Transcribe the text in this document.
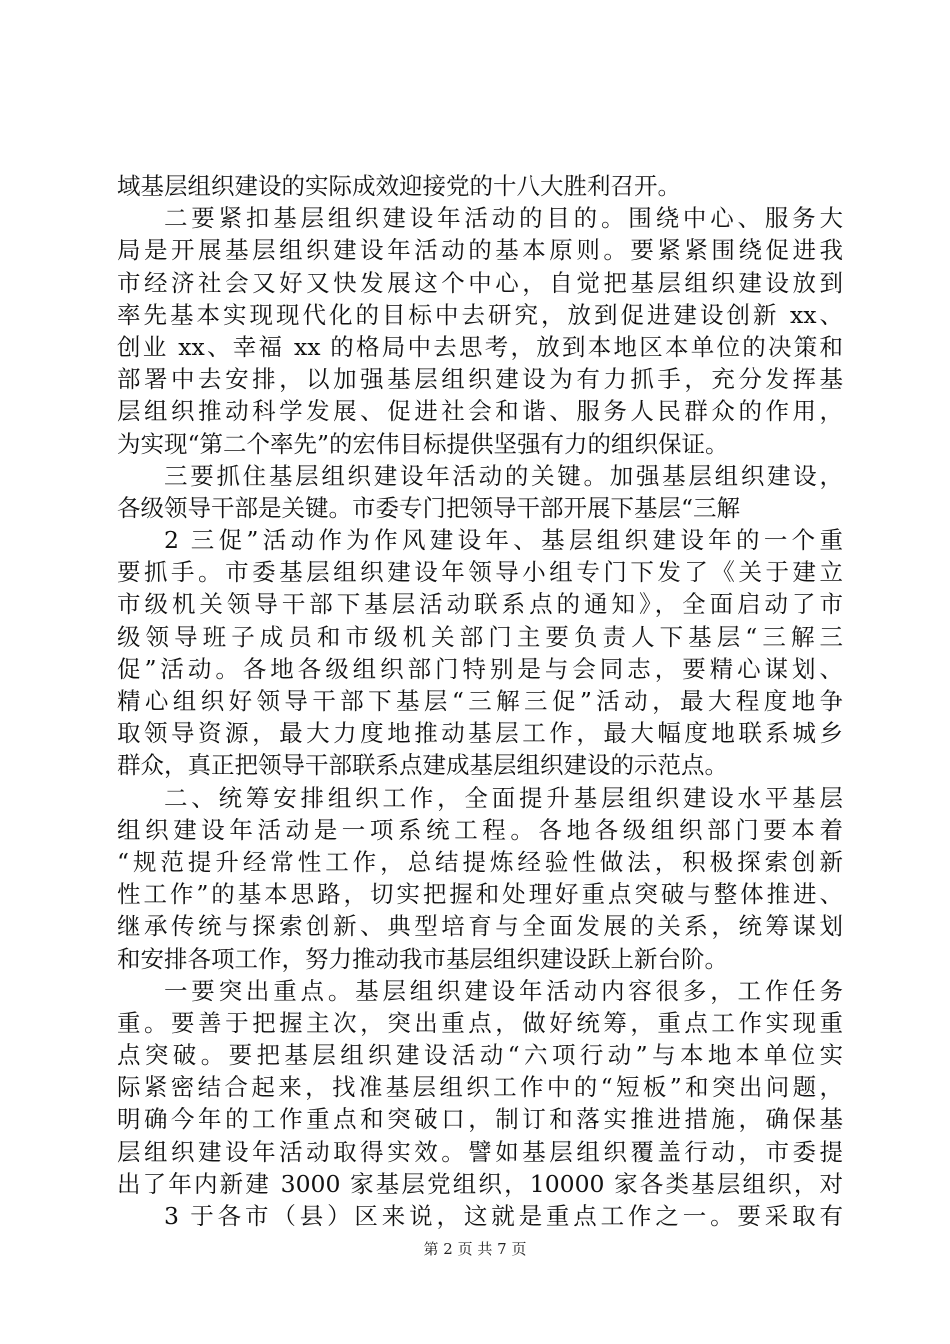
域基层组织建设的实际成效迎接党的十八大胜利召开。
二要紧扣基层组织建设年活动的目的。围绕中心、服务大
局是开展基层组织建设年活动的基本原则。要紧紧围绕促进我
市经济社会又好又快发展这个中心，自觉把基层组织建设放到
率先基本实现现代化的目标中去研究，放到促进建设创新 xx、
创业 xx、幸福 xx 的格局中去思考，放到本地区本单位的决策和
部署中去安排，以加强基层组织建设为有力抓手，充分发挥基
层组织推动科学发展、促进社会和谐、服务人民群众的作用，
为实现“第二个率先”的宏伟目标提供坚强有力的组织保证。
三要抓住基层组织建设年活动的关键。加强基层组织建设，
各级领导干部是关键。市委专门把领导干部开展下基层“三解
2 三促”活动作为作风建设年、基层组织建设年的一个重
要抓手。市委基层组织建设年领导小组专门下发了《关于建立
市级机关领导干部下基层活动联系点的通知》，全面启动了市
级领导班子成员和市级机关部门主要负责人下基层“三解三
促”活动。各地各级组织部门特别是与会同志，要精心谋划、
精心组织好领导干部下基层“三解三促”活动，最大程度地争
取领导资源，最大力度地推动基层工作，最大幅度地联系城乡
群众，真正把领导干部联系点建成基层组织建设的示范点。
二、统筹安排组织工作，全面提升基层组织建设水平基层
组织建设年活动是一项系统工程。各地各级组织部门要本着
“规范提升经常性工作，总结提炼经验性做法，积极探索创新
性工作”的基本思路，切实把握和处理好重点突破与整体推进、
继承传统与探索创新、典型培育与全面发展的关系，统筹谋划
和安排各项工作，努力推动我市基层组织建设跃上新台阶。
一要突出重点。基层组织建设年活动内容很多，工作任务
重。要善于把握主次，突出重点，做好统筹，重点工作实现重
点突破。要把基层组织建设活动“六项行动”与本地本单位实
际紧密结合起来，找准基层组织工作中的“短板”和突出问题，
明确今年的工作重点和突破口，制订和落实推进措施，确保基
层组织建设年活动取得实效。譬如基层组织覆盖行动，市委提
出了年内新建 3000 家基层党组织，10000 家各类基层组织，对
3 于各市（县）区来说，这就是重点工作之一。要采取有
第 2 页 共 7 页
